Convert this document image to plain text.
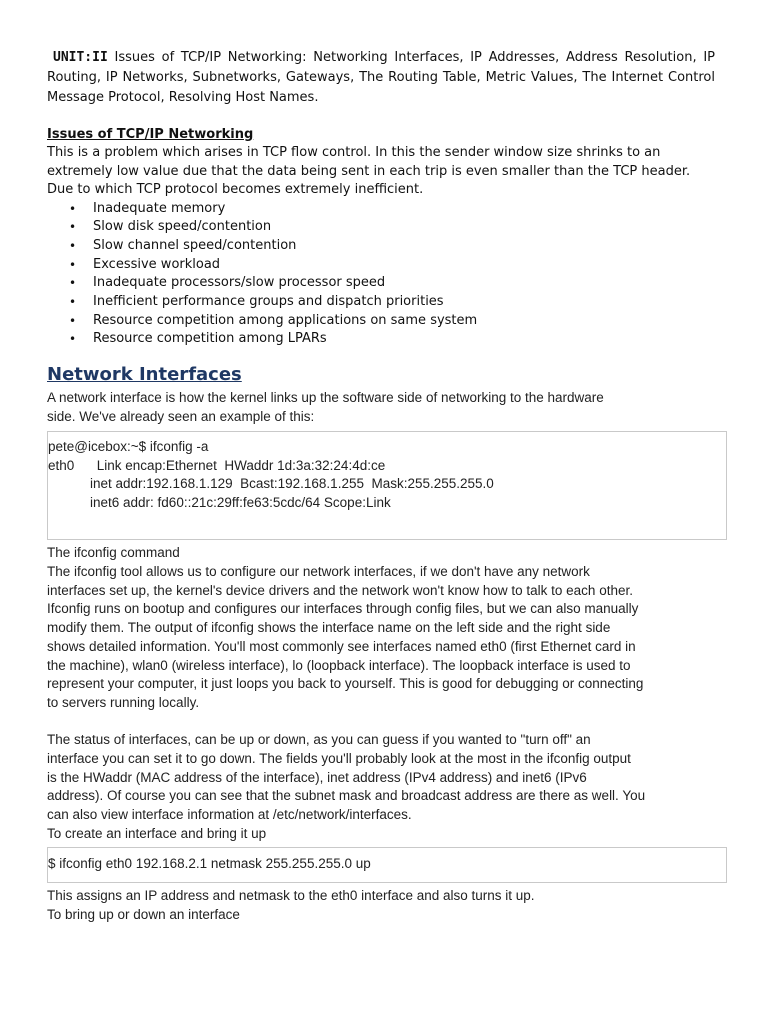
UNIT:II Issues of TCP/IP Networking: Networking Interfaces, IP Addresses, Address Resolution, IP Routing, IP Networks, Subnetworks, Gateways, The Routing Table, Metric Values, The Internet Control Message Protocol, Resolving Host Names.

Issues of TCP/IP Networking

This is a problem which arises in TCP flow control. In this the sender window size shrinks to an
extremely low value due that the data being sent in each trip is even smaller than the TCP header.
Due to which TCP protocol becomes extremely inefficient.

• Inadequate memory
• Slow disk speed/contention
• Slow channel speed/contention
• Excessive workload
• Inadequate processors/slow processor speed
• Inefficient performance groups and dispatch priorities
• Resource competition among applications on same system
• Resource competition among LPARs
Network Interfaces

A network interface is how the kernel links up the software side of networking to the hardware
side. We've already seen an example of this:

pete@icebox:~$ ifconfig -a
eth0      Link encap:Ethernet  HWaddr 1d:3a:32:24:4d:ce
inet addr:192.168.1.129  Bcast:192.168.1.255  Mask:255.255.255.0
inet6 addr: fd60::21c:29ff:fe63:5cdc/64 Scope:Link

The ifconfig command
The ifconfig tool allows us to configure our network interfaces, if we don't have any network
interfaces set up, the kernel's device drivers and the network won't know how to talk to each other.
Ifconfig runs on bootup and configures our interfaces through config files, but we can also manually
modify them. The output of ifconfig shows the interface name on the left side and the right side
shows detailed information. You'll most commonly see interfaces named eth0 (first Ethernet card in
the machine), wlan0 (wireless interface), lo (loopback interface). The loopback interface is used to
represent your computer, it just loops you back to yourself. This is good for debugging or connecting
to servers running locally.

The status of interfaces, can be up or down, as you can guess if you wanted to "turn off" an
interface you can set it to go down. The fields you'll probably look at the most in the ifconfig output
is the HWaddr (MAC address of the interface), inet address (IPv4 address) and inet6 (IPv6
address). Of course you can see that the subnet mask and broadcast address are there as well. You
can also view interface information at /etc/network/interfaces.
To create an interface and bring it up

$ ifconfig eth0 192.168.2.1 netmask 255.255.255.0 up

This assigns an IP address and netmask to the eth0 interface and also turns it up.
To bring up or down an interface
